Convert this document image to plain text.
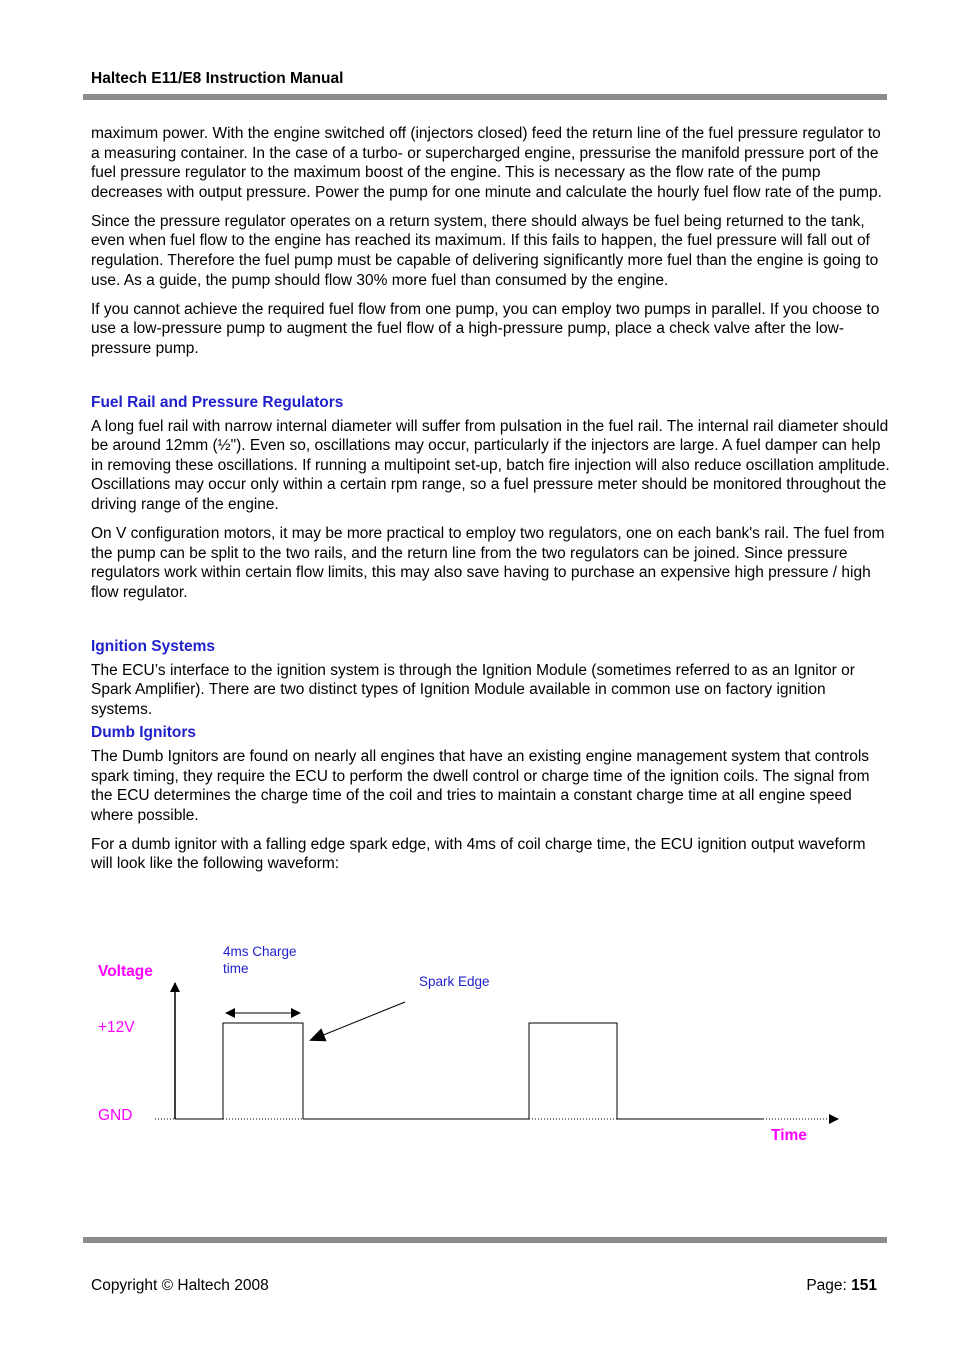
Haltech E11/E8 Instruction Manual

maximum power. With the engine switched off (injectors closed) feed the return line of the fuel pressure regulator to a measuring container. In the case of a turbo- or supercharged engine, pressurise the manifold pressure port of the fuel pressure regulator to the maximum boost of the engine. This is necessary as the flow rate of the pump decreases with output pressure. Power the pump for one minute and calculate the hourly fuel flow rate of the pump.

Since the pressure regulator operates on a return system, there should always be fuel being returned to the tank, even when fuel flow to the engine has reached its maximum. If this fails to happen, the fuel pressure will fall out of regulation. Therefore the fuel pump must be capable of delivering significantly more fuel than the engine is going to use. As a guide, the pump should flow 30% more fuel than consumed by the engine.

If you cannot achieve the required fuel flow from one pump, you can employ two pumps in parallel. If you choose to use a low-pressure pump to augment the fuel flow of a high-pressure pump, place a check valve after the low-pressure pump.

Fuel Rail and Pressure Regulators

A long fuel rail with narrow internal diameter will suffer from pulsation in the fuel rail. The internal rail diameter should be around 12mm (½"). Even so, oscillations may occur, particularly if the injectors are large. A fuel damper can help in removing these oscillations. If running a multipoint set-up, batch fire injection will also reduce oscillation amplitude. Oscillations may occur only within a certain rpm range, so a fuel pressure meter should be monitored throughout the driving range of the engine.

On V configuration motors, it may be more practical to employ two regulators, one on each bank's rail. The fuel from the pump can be split to the two rails, and the return line from the two regulators can be joined. Since pressure regulators work within certain flow limits, this may also save having to purchase an expensive high pressure / high flow regulator.

Ignition Systems

The ECU’s interface to the ignition system is through the Ignition Module (sometimes referred to as an Ignitor or Spark Amplifier). There are two distinct types of Ignition Module available in common use on factory ignition systems.

Dumb Ignitors

The Dumb Ignitors are found on nearly all engines that have an existing engine management system that controls spark timing, they require the ECU to perform the dwell control or charge time of the ignition coils. The signal from the ECU determines the charge time of the coil and tries to maintain a constant charge time at all engine speed where possible.

For a dumb ignitor with a falling edge spark edge, with 4ms of coil charge time, the ECU ignition output waveform will look like the following waveform:

Voltage
+12V
GND
Time
4ms Charge
time
Spark Edge
Copyright © Haltech 2008	Page: 151
